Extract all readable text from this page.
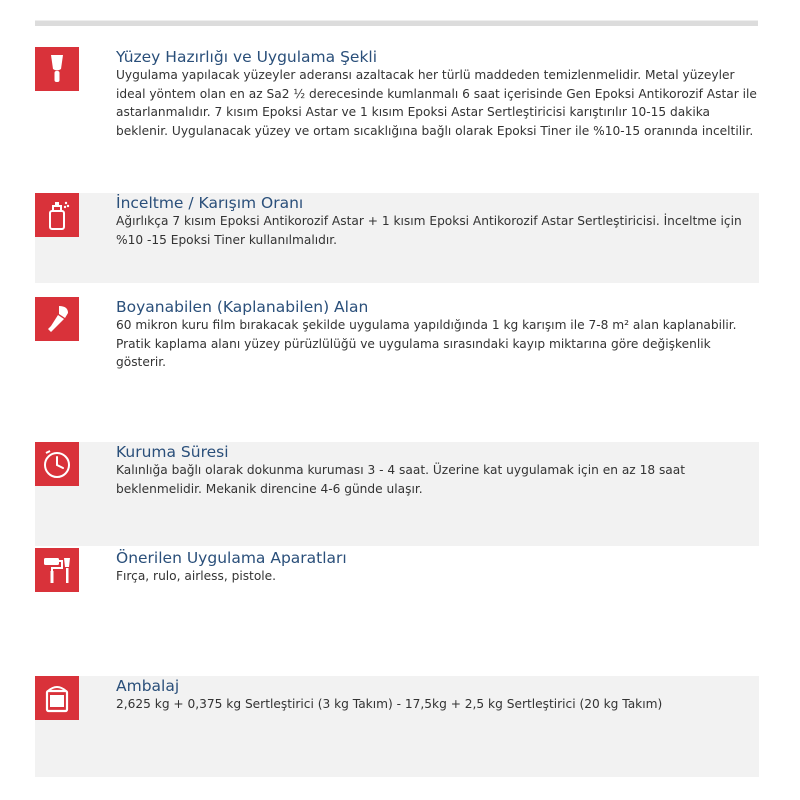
Yüzey Hazırlığı ve Uygulama Şekli

Uygulama yapılacak yüzeyler aderansı azaltacak her türlü maddeden temizlenmelidir. Metal yüzeyler ideal yöntem olan en az Sa2 ½ derecesinde kumlanmalı 6 saat içerisinde Gen Epoksi Antikorozif Astar ile astarlanmalıdır. 7 kısım Epoksi Astar ve 1 kısım Epoksi Astar Sertleştiricisi karıştırılır 10-15 dakika beklenir. Uygulanacak yüzey ve ortam sıcaklığına bağlı olarak Epoksi Tiner ile %10-15 oranında inceltilir.

İnceltme / Karışım Oranı

Ağırlıkça 7 kısım Epoksi Antikorozif Astar + 1 kısım Epoksi Antikorozif Astar Sertleştiricisi. İnceltme için %10 -15 Epoksi Tiner kullanılmalıdır.

Boyanabilen (Kaplanabilen) Alan

60 mikron kuru film bırakacak şekilde uygulama yapıldığında 1 kg karışım ile 7-8 m² alan kaplanabilir. Pratik kaplama alanı yüzey pürüzlülüğü ve uygulama sırasındaki kayıp miktarına göre değişkenlik gösterir.

Kuruma Süresi

Kalınlığa bağlı olarak dokunma kuruması 3 - 4 saat. Üzerine kat uygulamak için en az 18 saat beklenmelidir. Mekanik direncine 4-6 günde ulaşır.

Önerilen Uygulama Aparatları

Fırça, rulo, airless, pistole.

Ambalaj

2,625 kg + 0,375 kg Sertleştirici (3 kg Takım) - 17,5kg + 2,5 kg Sertleştirici (20 kg Takım)
